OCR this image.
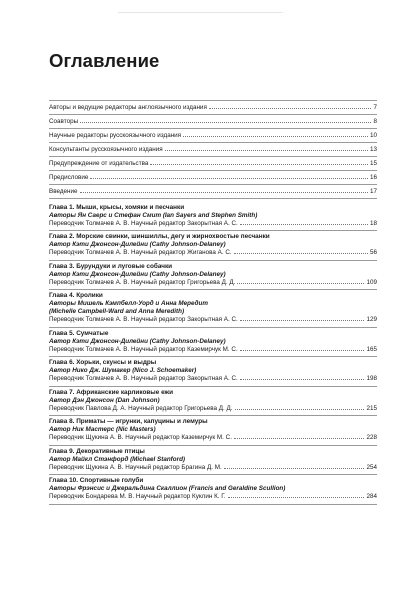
Оглавление
Авторы и ведущие редакторы англоязычного издания	7
Соавторы	8
Научные редакторы русскоязычного издания	10
Консультанты русскоязычного издания	13
Предупреждение от издательства	15
Предисловие	16
Введение	17
Глава 1. Мыши, крысы, хомяки и песчанки
Авторы Ян Саерс и Стефан Смит (Ian Sayers and Stephen Smith)
Переводчик Толмачев А. В. Научный редактор Закорытная А. С.	18
Глава 2. Морские свинки, шиншиллы, дегу и жирнохвостые песчанки
Автор Кэти Джонсон-Дилейни (Cathy Johnson-Delaney)
Переводчик Толмачев А. В. Научный редактор Жиганова А. С.	56
Глава 3. Бурундуки и луговые собачки
Автор Кэти Джонсон-Дилейни (Cathy Johnson-Delaney)
Переводчик Толмачев А. В. Научный редактор Григорьева Д. Д.	109
Глава 4. Кролики
Авторы Мишель Кэмпбелл-Уорд и Анна Мередит
(Michelle Campbell-Ward and Anna Meredith)
Переводчик Толмачев А. В. Научный редактор Закорытная А. С.	129
Глава 5. Сумчатые
Автор Кэти Джонсон-Дилейни (Cathy Johnson-Delaney)
Переводчик Толмачев А. В. Научный редактор Каземирчук М. С.	165
Глава 6. Хорьки, скунсы и выдры
Автор Нико Дж. Шумакер (Nico J. Schoemaker)
Переводчик Толмачев А. В. Научный редактор Закорытная А. С.	198
Глава 7. Африканские карликовые ежи
Автор Дэн Джонсон (Dan Johnson)
Переводчик Павлова Д. А. Научный редактор Григорьева Д. Д.	215
Глава 8. Приматы — игрунки, капуцины и лемуры
Автор Ник Мастерс (Nic Masters)
Переводчик Щукина А. В. Научный редактор Каземирчук М. С.	228
Глава 9. Декоративные птицы
Автор Майкл Стэнфорд (Michael Stanford)
Переводчик Щукина А. В. Научный редактор Брагина Д. М.	254
Глава 10. Спортивные голуби
Авторы Фрэнсис и Джеральдина Скаллион (Francis and Geraldine Scullion)
Переводчик Бондарева М. В. Научный редактор Куклин К. Г.	284
